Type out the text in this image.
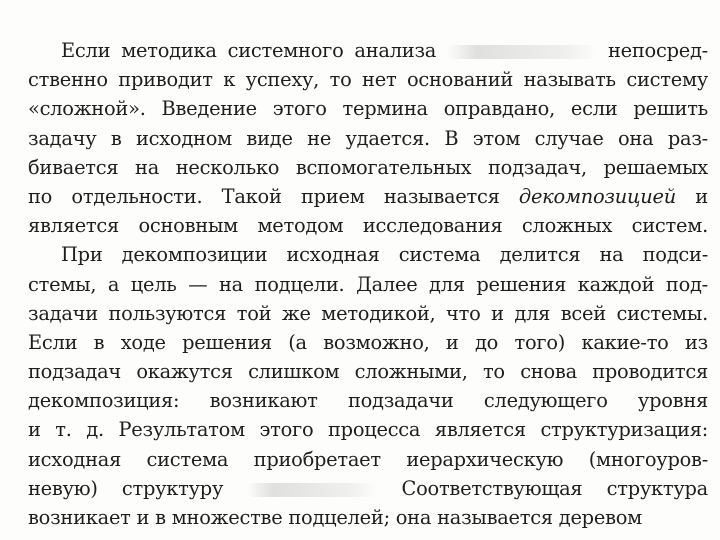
Если методика системного анализа	непосред-
ственно приводит к успеху, то нет оснований называть систему
«сложной». Введение этого термина оправдано, если решить
задачу в исходном виде не удается. В этом случае она раз-
бивается на несколько вспомогательных подзадач, решаемых
по отдельности. Такой прием называется декомпозицией и
является основным методом исследования сложных систем.
При декомпозиции исходная система делится на подси-
стемы, а цель — на подцели. Далее для решения каждой под-
задачи пользуются той же методикой, что и для всей системы.
Если в ходе решения (а возможно, и до того) какие-то из
подзадач окажутся слишком сложными, то снова проводится
декомпозиция: возникают подзадачи следующего уровня
и т. д. Результатом этого процесса является структуризация:
исходная система приобретает иерархическую (многоуров-
невую) структуру	Соответствующая структура
возникает и в множестве подцелей; она называется деревом
